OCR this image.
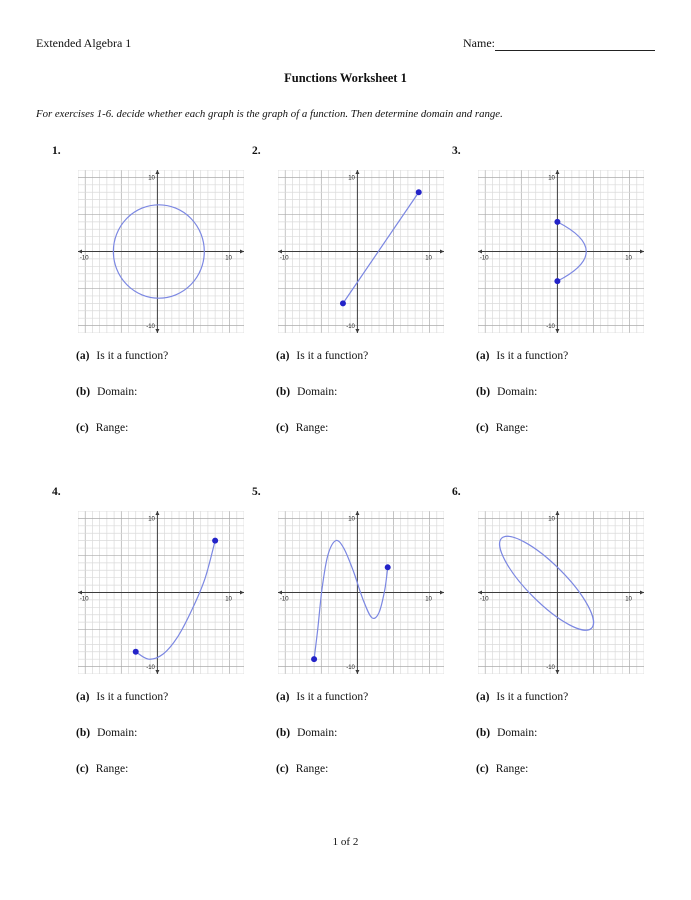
Extended Algebra 1	Name:
Functions Worksheet 1
For exercises 1-6. decide whether each graph is the graph of a function. Then determine domain and range.
1.
10
-10
-10	10
(a) Is it a function?
(b) Domain:
(c) Range:
2.
10
-10
-10	10
(a) Is it a function?
(b) Domain:
(c) Range:
3.
10
-10
-10	10
(a) Is it a function?
(b) Domain:
(c) Range:
4.
10
-10
-10	10
(a) Is it a function?
(b) Domain:
(c) Range:
5.
10
-10
-10	10
(a) Is it a function?
(b) Domain:
(c) Range:
6.
10
-10
-10	10
(a) Is it a function?
(b) Domain:
(c) Range:
1 of 2
